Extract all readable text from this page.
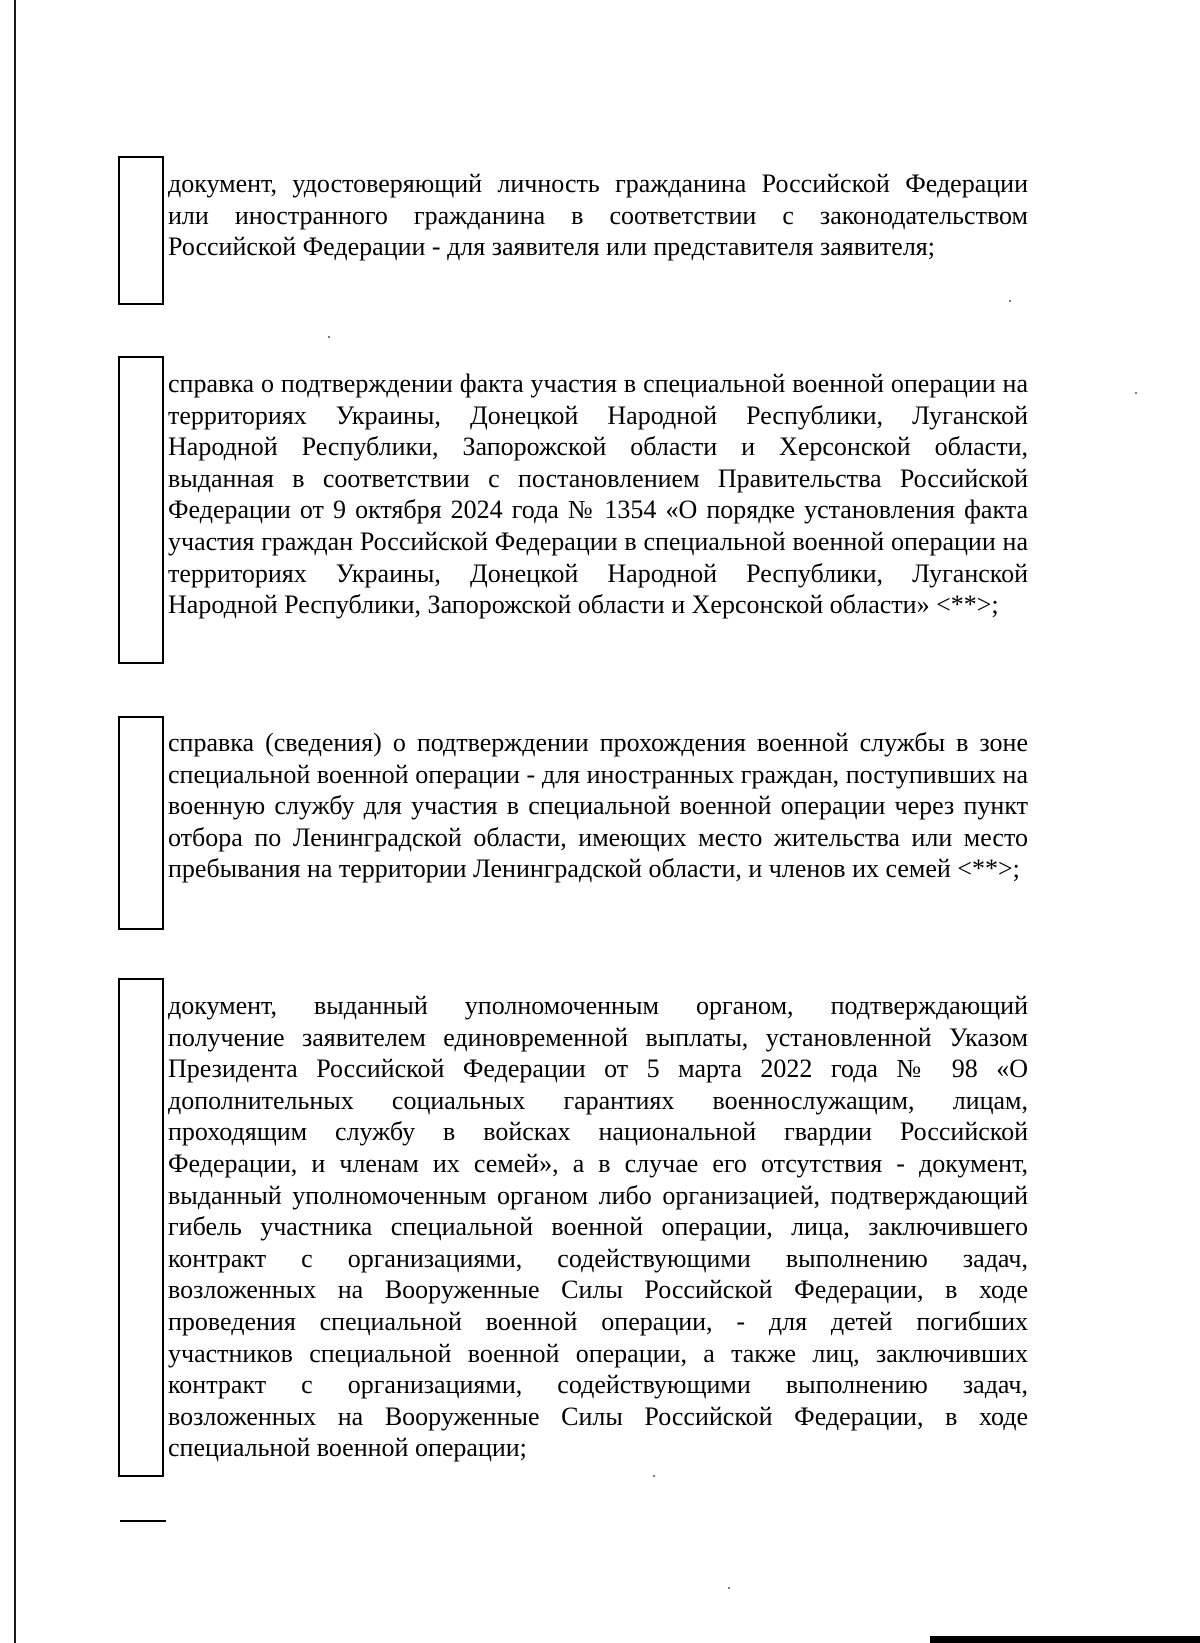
документ, удостоверяющий личность гражданина Российской Федерации или иностранного гражданина в соответствии с законодательством Российской Федерации - для заявителя или представителя заявителя;

справка о подтверждении факта участия в специальной военной операции на территориях Украины, Донецкой Народной Республики, Луганской Народной Республики, Запорожской области и Херсонской области, выданная в соответствии с постановлением Правительства Российской Федерации от 9 октября 2024 года № 1354 «О порядке установления факта участия граждан Российской Федерации в специальной военной операции на территориях Украины, Донецкой Народной Республики, Луганской Народной Республики, Запорожской области и Херсонской области» <**>;

справка (сведения) о подтверждении прохождения военной службы в зоне специальной военной операции - для иностранных граждан, поступивших на военную службу для участия в специальной военной операции через пункт отбора по Ленинградской области, имеющих место жительства или место пребывания на территории Ленинградской области, и членов их семей <**>;

документ, выданный уполномоченным органом, подтверждающий получение заявителем единовременной выплаты, установленной Указом Президента Российской Федерации от 5 марта 2022 года № 98 «О дополнительных социальных гарантиях военнослужащим, лицам, проходящим службу в войсках национальной гвардии Российской Федерации, и членам их семей», а в случае его отсутствия - документ, выданный уполномоченным органом либо организацией, подтверждающий гибель участника специальной военной операции, лица, заключившего контракт с организациями, содействующими выполнению задач, возложенных на Вооруженные Силы Российской Федерации, в ходе проведения специальной военной операции, - для детей погибших участников специальной военной операции, а также лиц, заключивших контракт с организациями, содействующими выполнению задач, возложенных на Вооруженные Силы Российской Федерации, в ходе специальной военной операции;
